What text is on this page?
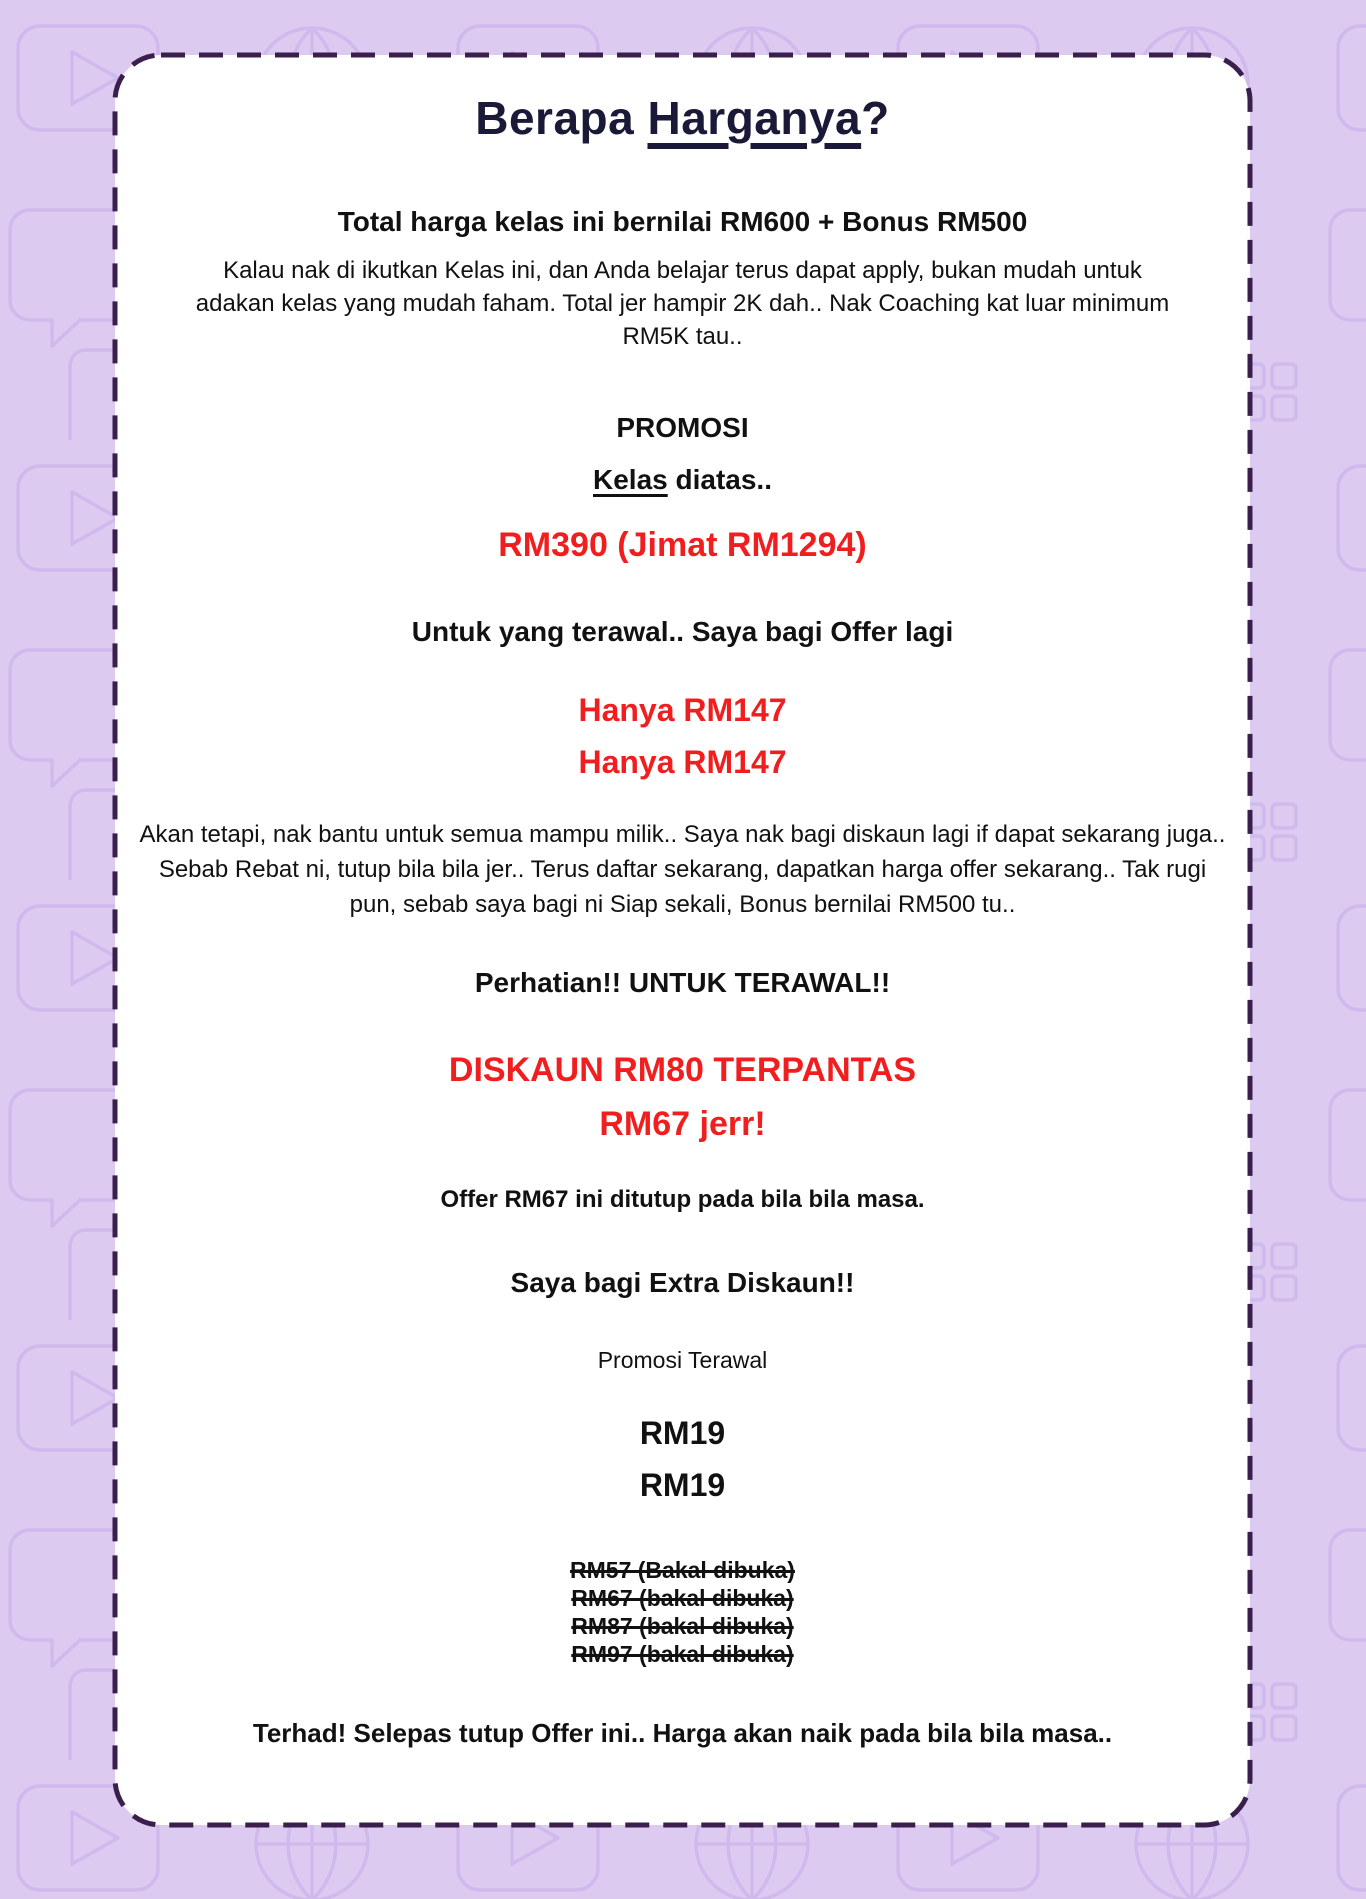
Berapa Harganya?
Total harga kelas ini bernilai RM600 + Bonus RM500
Kalau nak di ikutkan Kelas ini, dan Anda belajar terus dapat apply, bukan mudah untuk adakan kelas yang mudah faham. Total jer hampir 2K dah.. Nak Coaching kat luar minimum RM5K tau..
PROMOSI
Kelas diatas..
RM390 (Jimat RM1294)
Untuk yang terawal.. Saya bagi Offer lagi
Hanya RM147
Hanya RM147
Akan tetapi, nak bantu untuk semua mampu milik.. Saya nak bagi diskaun lagi if dapat sekarang juga.. Sebab Rebat ni, tutup bila bila jer.. Terus daftar sekarang, dapatkan harga offer sekarang.. Tak rugi pun, sebab saya bagi ni Siap sekali, Bonus bernilai RM500 tu..
Perhatian!! UNTUK TERAWAL!!
DISKAUN RM80 TERPANTAS
RM67 jerr!
Offer RM67 ini ditutup pada bila bila masa.
Saya bagi Extra Diskaun!!
Promosi Terawal
RM19
RM19
RM57 (Bakal dibuka)
RM67 (bakal dibuka)
RM87 (bakal dibuka)
RM97 (bakal dibuka)
Terhad! Selepas tutup Offer ini.. Harga akan naik pada bila bila masa..
